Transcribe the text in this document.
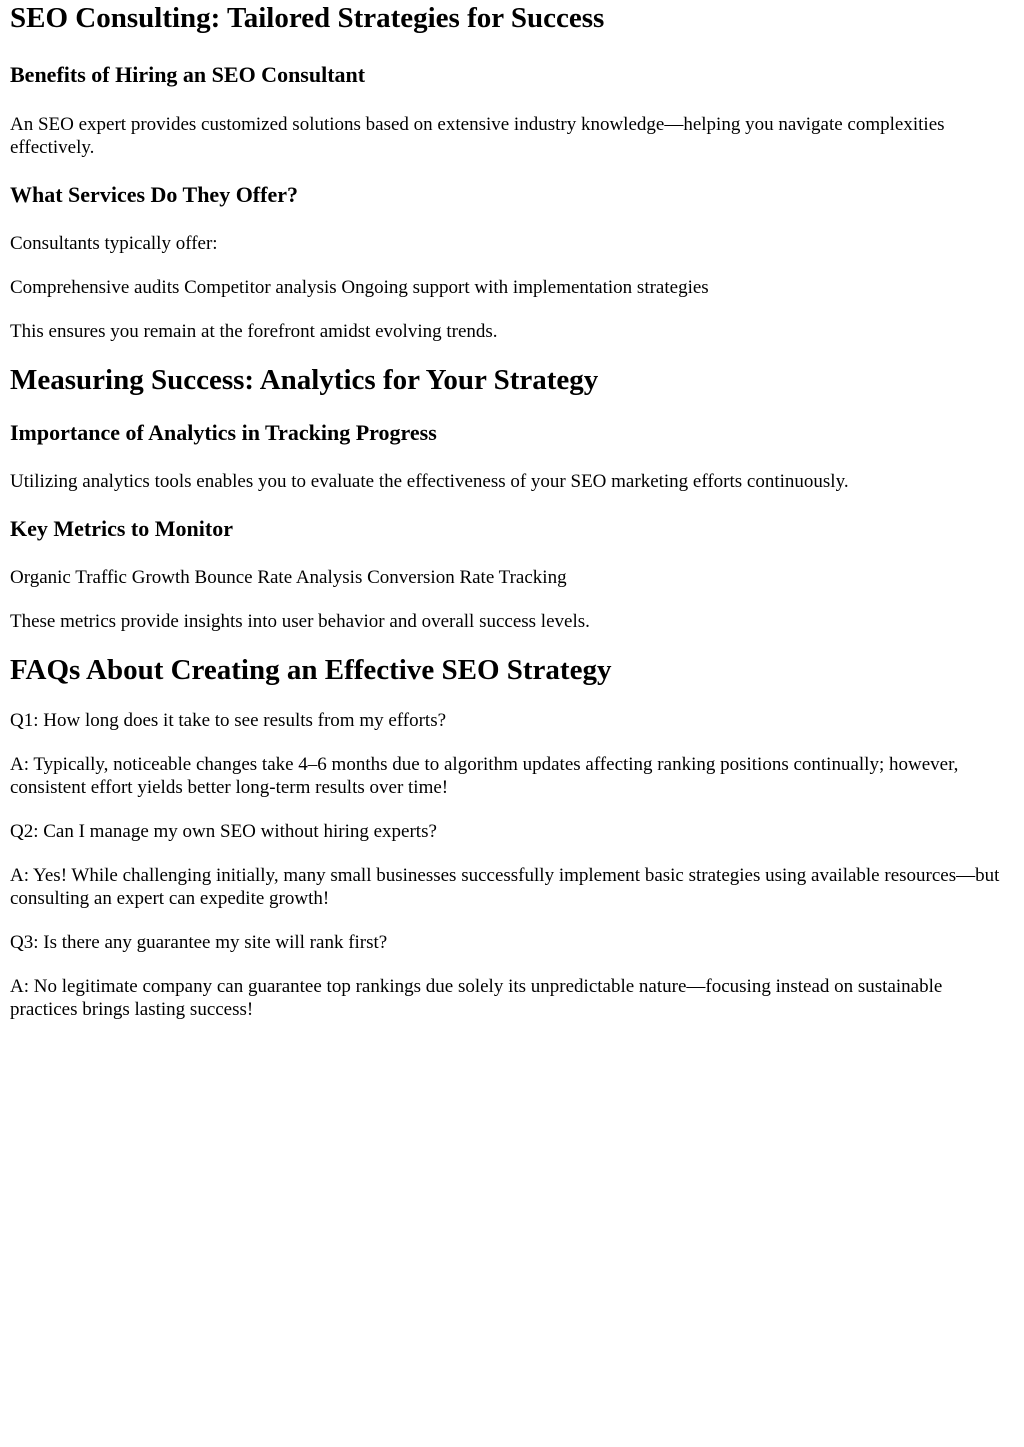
SEO Consulting: Tailored Strategies for Success
Benefits of Hiring an SEO Consultant

An SEO expert provides customized solutions based on extensive industry knowledge—helping you navigate complexities effectively.

What Services Do They Offer?

Consultants typically offer:

Comprehensive audits Competitor analysis Ongoing support with implementation strategies

This ensures you remain at the forefront amidst evolving trends.

Measuring Success: Analytics for Your Strategy
Importance of Analytics in Tracking Progress

Utilizing analytics tools enables you to evaluate the effectiveness of your SEO marketing efforts continuously.

Key Metrics to Monitor

Organic Traffic Growth Bounce Rate Analysis Conversion Rate Tracking

These metrics provide insights into user behavior and overall success levels.

FAQs About Creating an Effective SEO Strategy

Q1: How long does it take to see results from my efforts?

A: Typically, noticeable changes take 4–6 months due to algorithm updates affecting ranking positions continually; however, consistent effort yields better long-term results over time!

Q2: Can I manage my own SEO without hiring experts?

A: Yes! While challenging initially, many small businesses successfully implement basic strategies using available resources—but consulting an expert can expedite growth!

Q3: Is there any guarantee my site will rank first?

A: No legitimate company can guarantee top rankings due solely its unpredictable nature—focusing instead on sustainable practices brings lasting success!
